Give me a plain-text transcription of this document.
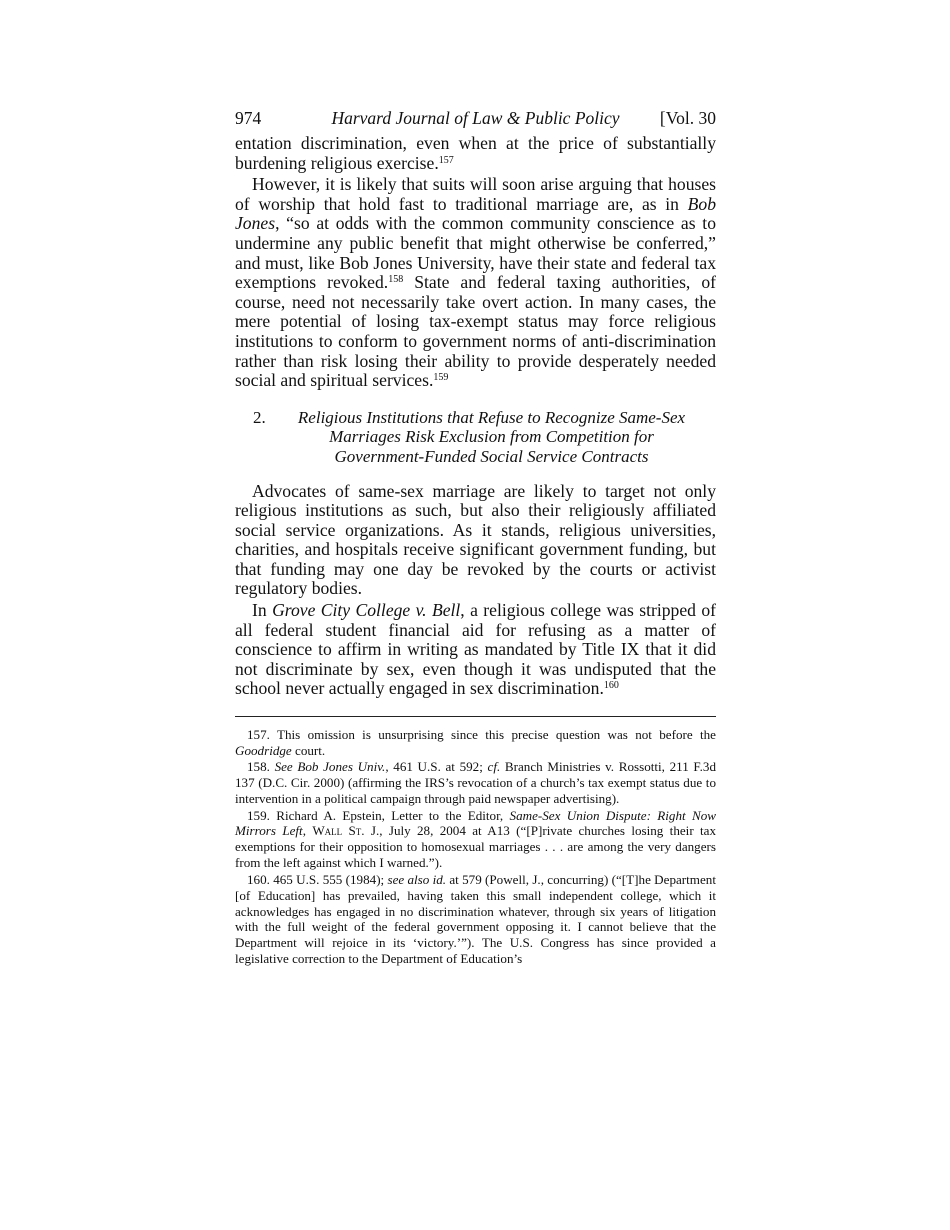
974	Harvard Journal of Law & Public Policy	[Vol. 30

entation discrimination, even when at the price of substantially burdening religious exercise.$^{157}$

However, it is likely that suits will soon arise arguing that houses of worship that hold fast to traditional marriage are, as in Bob Jones, “so at odds with the common community conscience as to undermine any public benefit that might otherwise be conferred,” and must, like Bob Jones University, have their state and federal tax exemptions revoked.$^{158}$ State and federal taxing authorities, of course, need not necessarily take overt action. In many cases, the mere potential of losing tax-exempt status may force religious institutions to conform to government norms of anti-discrimination rather than risk losing their ability to provide desperately needed social and spiritual services.$^{159}$

2. Religious Institutions that Refuse to Recognize Same-Sex Marriages Risk Exclusion from Competition for Government-Funded Social Service Contracts

Advocates of same-sex marriage are likely to target not only religious institutions as such, but also their religiously affiliated social service organizations. As it stands, religious universities, charities, and hospitals receive significant government funding, but that funding may one day be revoked by the courts or activist regulatory bodies.

In Grove City College v. Bell, a religious college was stripped of all federal student financial aid for refusing as a matter of conscience to affirm in writing as mandated by Title IX that it did not discriminate by sex, even though it was undisputed that the school never actually engaged in sex discrimination.$^{160}$

157. This omission is unsurprising since this precise question was not before the Goodridge court.

158. See Bob Jones Univ., 461 U.S. at 592; cf. Branch Ministries v. Rossotti, 211 F.3d 137 (D.C. Cir. 2000) (affirming the IRS’s revocation of a church’s tax exempt status due to intervention in a political campaign through paid newspaper advertising).

159. Richard A. Epstein, Letter to the Editor, Same-Sex Union Dispute: Right Now Mirrors Left, Wall St. J., July 28, 2004 at A13 (“[P]rivate churches losing their tax exemptions for their opposition to homosexual marriages . . . are among the very dangers from the left against which I warned.”).

160. 465 U.S. 555 (1984); see also id. at 579 (Powell, J., concurring) (“[T]he Department [of Education] has prevailed, having taken this small independent college, which it acknowledges has engaged in no discrimination whatever, through six years of litigation with the full weight of the federal government opposing it. I cannot believe that the Department will rejoice in its ‘victory.’”). The U.S. Congress has since provided a legislative correction to the Department of Education’s
